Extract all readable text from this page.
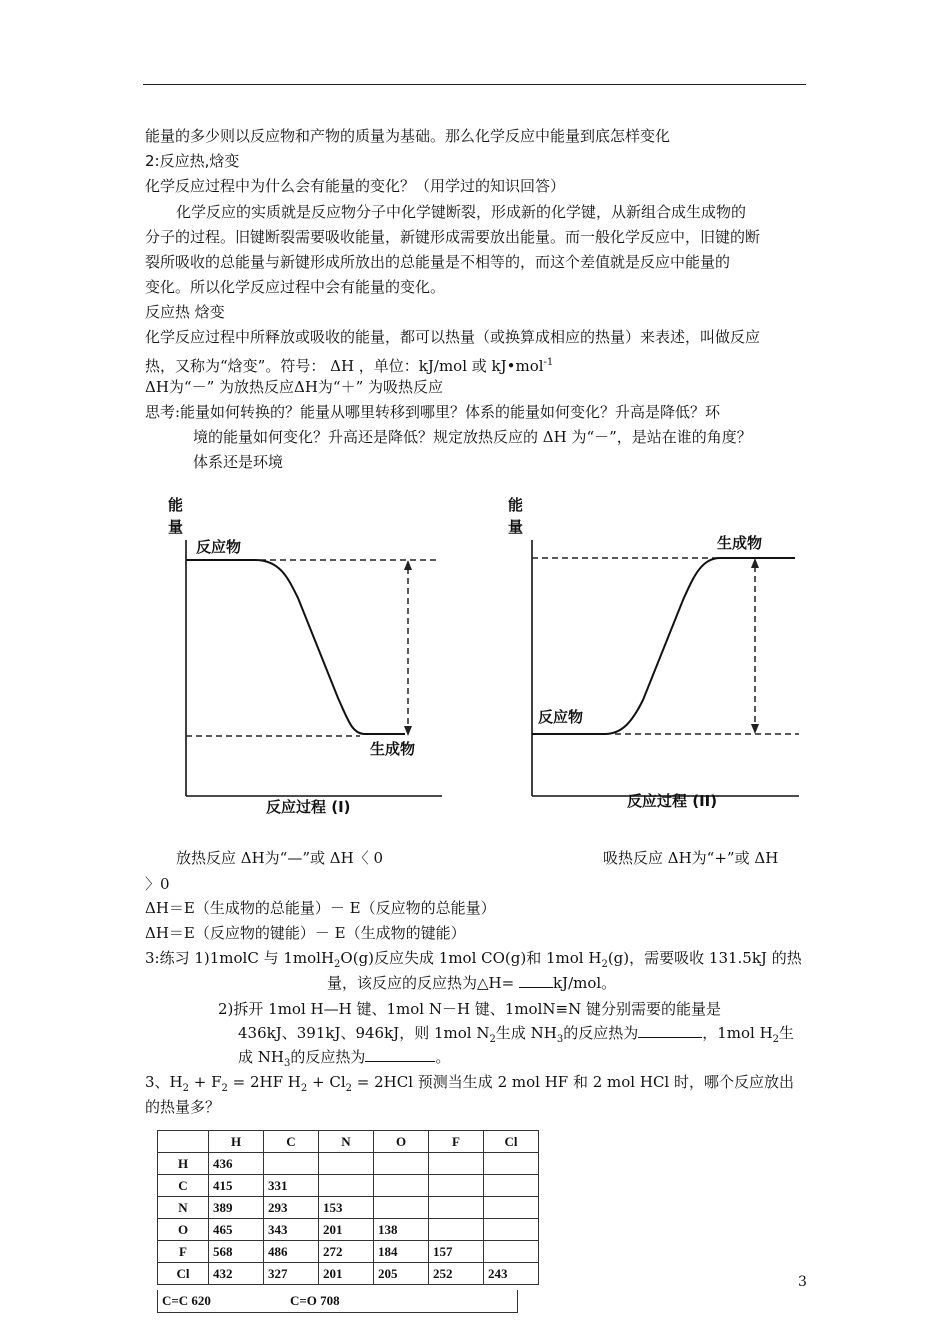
能量的多少则以反应物和产物的质量为基础。那么化学反应中能量到底怎样变化
2:反应热,焓变
化学反应过程中为什么会有能量的变化？（用学过的知识回答）
化学反应的实质就是反应物分子中化学键断裂，形成新的化学键，从新组合成生成物的
分子的过程。旧键断裂需要吸收能量，新键形成需要放出能量。而一般化学反应中，旧键的断
裂所吸收的总能量与新键形成所放出的总能量是不相等的，而这个差值就是反应中能量的
变化。所以化学反应过程中会有能量的变化。
反应热 焓变
化学反应过程中所释放或吸收的能量，都可以热量（或换算成相应的热量）来表述，叫做反应
热，又称为“焓变”。符号： ΔH ，单位：kJ/mol 或 kJ•mol$^{-1}$
ΔH为“－” 为放热反应ΔH为“＋” 为吸热反应
思考:能量如何转换的？能量从哪里转移到哪里？体系的能量如何变化？升高是降低？环
境的能量如何变化？升高还是降低？规定放热反应的 ΔH 为“－”，是站在谁的角度？
体系还是环境
能
量
反应物
生成物
反应过程 (I)
能
量
生成物
反应物
反应过程 (II)
放热反应 ΔH为“—”或 ΔH〈 0	吸热反应 ΔH为“+”或 ΔH
〉0
ΔH＝E（生成物的总能量）－ E（反应物的总能量）
ΔH＝E（反应物的键能）－ E（生成物的键能）
3:练习 1)1molC 与 1molH$_2$O(g)反应失成 1mol CO(g)和 1mol $H_2(g)$，需要吸收 131.5kJ 的热
量，该反应的反应热为△H= kJ/mol。
2)拆开 1mol H—H 键、1mol N－H 键、1molN≡N 键分别需要的能量是
436kJ、391kJ、946kJ，则 1mol $N_2$生成 $NH_3$的反应热为	，1mol $H_2$生
成 $NH_3$的反应热为	。
3、$H_2 + F_2 = 2HF$ $H_2 + Cl_2 = 2HCl$ 预测当生成 2 mol HF 和 2 mol HCl 时，哪个反应放出
的热量多？
	H	C	N	O	F	Cl
H	436					
C	415	331				
N	389	293	153			
O	465	343	201	138		
F	568	486	272	184	157	
Cl	432	327	201	205	252	243
C=C 620	C=O 708
3
